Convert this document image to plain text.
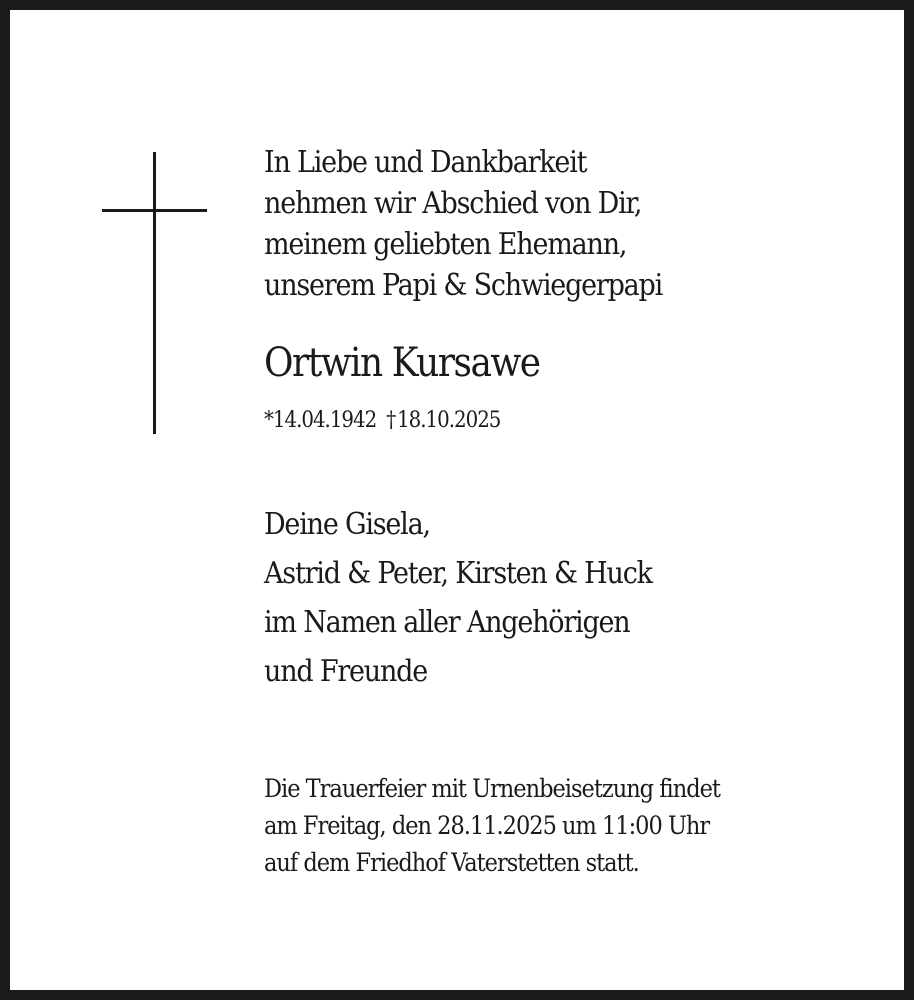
In Liebe und Dankbarkeit
nehmen wir Abschied von Dir,
meinem geliebten Ehemann,
unserem Papi & Schwiegerpapi

Ortwin Kursawe

*14.04.1942 †18.10.2025

Deine Gisela,
Astrid & Peter, Kirsten & Huck
im Namen aller Angehörigen
und Freunde

Die Trauerfeier mit Urnenbeisetzung findet
am Freitag, den 28.11.2025 um 11:00 Uhr
auf dem Friedhof Vaterstetten statt.
